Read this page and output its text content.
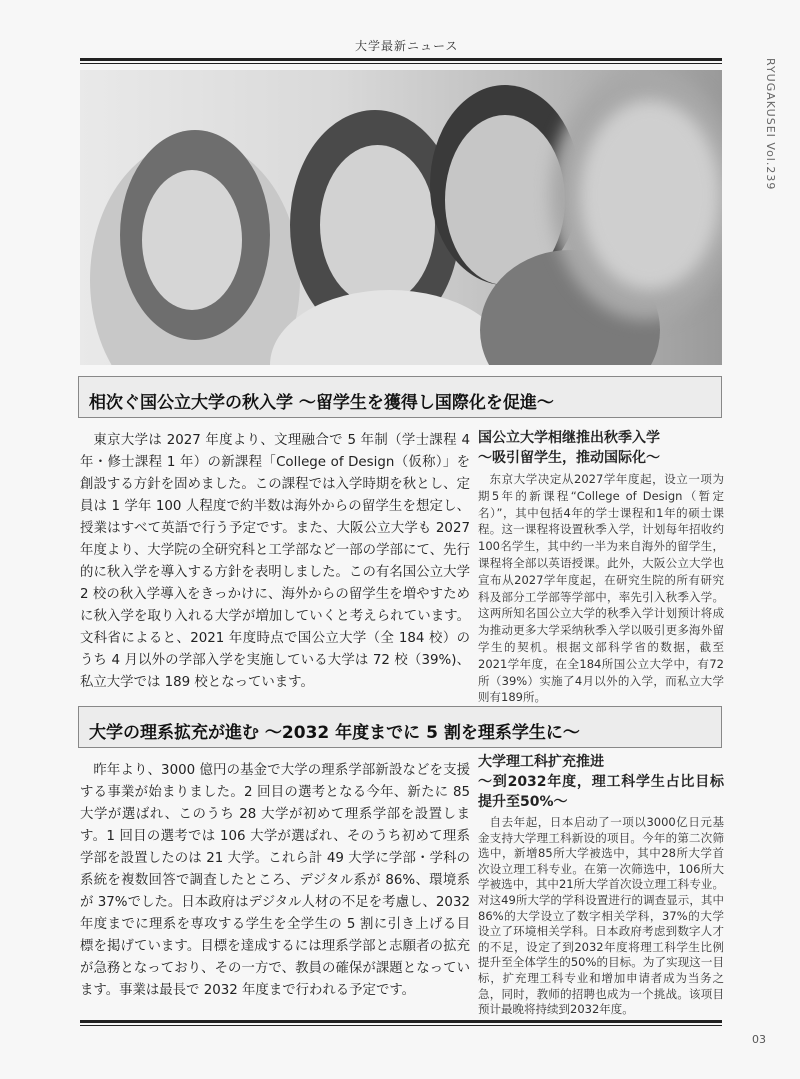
大学最新ニュース
RYUGAKUSEI Vol.239
相次ぐ国公立大学の秋入学 ～留学生を獲得し国際化を促進～

東京大学は 2027 年度より、文理融合で 5 年制（学士課程 4 年・修士課程 1 年）の新課程「College of Design（仮称）」を創設する方針を固めました。この課程では入学時期を秋とし、定員は 1 学年 100 人程度で約半数は海外からの留学生を想定し、授業はすべて英語で行う予定です。また、大阪公立大学も 2027 年度より、大学院の全研究科と工学部など一部の学部にて、先行的に秋入学を導入する方針を表明しました。この有名国公立大学 2 校の秋入学導入をきっかけに、海外からの留学生を増やすために秋入学を取り入れる大学が増加していくと考えられています。文科省によると、2021 年度時点で国公立大学（全 184 校）のうち 4 月以外の学部入学を実施している大学は 72 校（39%)、私立大学では 189 校となっています。

国公立大学相继推出秋季入学
～吸引留学生，推动国际化～

东京大学决定从2027学年度起，设立一项为期5年的新课程“College of Design（暂定名）”，其中包括4年的学士课程和1年的硕士课程。这一课程将设置秋季入学，计划每年招收约100名学生，其中约一半为来自海外的留学生，课程将全部以英语授课。此外，大阪公立大学也宣布从2027学年度起，在研究生院的所有研究科及部分工学部等学部中，率先引入秋季入学。这两所知名国公立大学的秋季入学计划预计将成为推动更多大学采纳秋季入学以吸引更多海外留学生的契机。根据文部科学省的数据，截至2021学年度，在全184所国公立大学中，有72所（39%）实施了4月以外的入学，而私立大学则有189所。

大学の理系拡充が進む ～2032 年度までに 5 割を理系学生に～

昨年より、3000 億円の基金で大学の理系学部新設などを支援する事業が始まりました。2 回目の選考となる今年、新たに 85 大学が選ばれ、このうち 28 大学が初めて理系学部を設置します。1 回目の選考では 106 大学が選ばれ、そのうち初めて理系学部を設置したのは 21 大学。これら計 49 大学に学部・学科の系統を複数回答で調査したところ、デジタル系が 86%、環境系が 37%でした。日本政府はデジタル人材の不足を考慮し、2032 年度までに理系を専攻する学生を全学生の 5 割に引き上げる目標を掲げています。目標を達成するには理系学部と志願者の拡充が急務となっており、その一方で、教員の確保が課題となっています。事業は最長で 2032 年度まで行われる予定です。

大学理工科扩充推进
～到2032年度，理工科学生占比目标提升至50%～

自去年起，日本启动了一项以3000亿日元基金支持大学理工科新设的项目。今年的第二次筛选中，新增85所大学被选中，其中28所大学首次设立理工科专业。在第一次筛选中，106所大学被选中，其中21所大学首次设立理工科专业。对这49所大学的学科设置进行的调查显示，其中86%的大学设立了数字相关学科，37%的大学设立了环境相关学科。日本政府考虑到数字人才的不足，设定了到2032年度将理工科学生比例提升至全体学生的50%的目标。为了实现这一目标，扩充理工科专业和增加申请者成为当务之急，同时，教师的招聘也成为一个挑战。该项目预计最晚将持续到2032年度。

03
